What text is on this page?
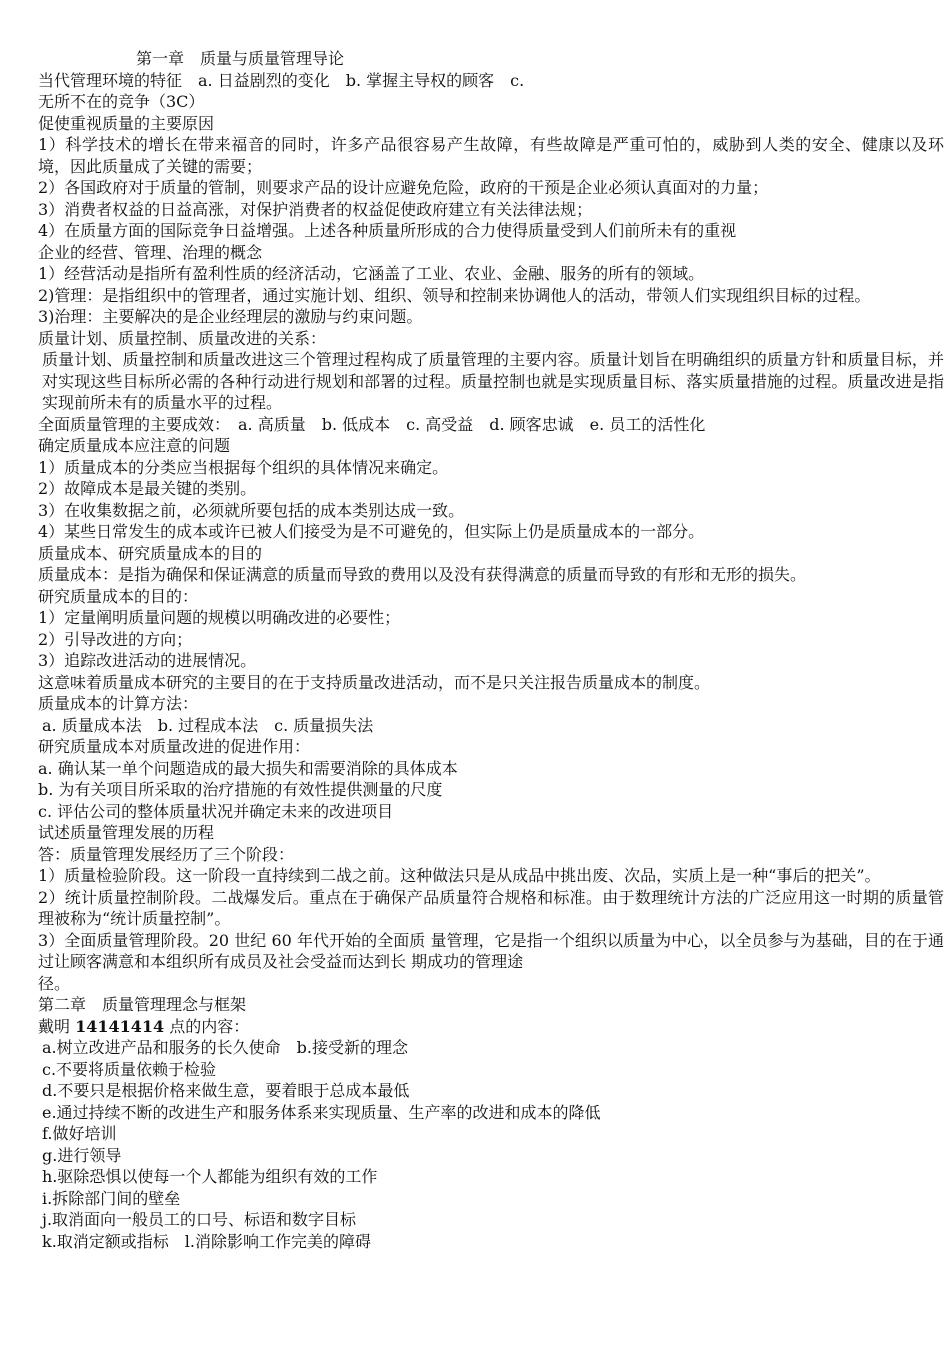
第一章　质量与质量管理导论
当代管理环境的特征　a. 日益剧烈的变化　b. 掌握主导权的顾客　c.
无所不在的竞争（3C）
促使重视质量的主要原因
1）科学技术的增长在带来福音的同时，许多产品很容易产生故障，有些故障是严重可怕的，威胁到人类的安全、健康以及环境，因此质量成了关键的需要；
2）各国政府对于质量的管制，则要求产品的设计应避免危险，政府的干预是企业必须认真面对的力量；
3）消费者权益的日益高涨，对保护消费者的权益促使政府建立有关法律法规；
4）在质量方面的国际竞争日益增强。上述各种质量所形成的合力使得质量受到人们前所未有的重视
企业的经营、管理、治理的概念
1）经营活动是指所有盈利性质的经济活动，它涵盖了工业、农业、金融、服务的所有的领域。
2)管理：是指组织中的管理者，通过实施计划、组织、领导和控制来协调他人的活动，带领人们实现组织目标的过程。
3)治理：主要解决的是企业经理层的激励与约束问题。
质量计划、质量控制、质量改进的关系：
质量计划、质量控制和质量改进这三个管理过程构成了质量管理的主要内容。质量计划旨在明确组织的质量方针和质量目标，并对实现这些目标所必需的各种行动进行规划和部署的过程。质量控制也就是实现质量目标、落实质量措施的过程。质量改进是指实现前所未有的质量水平的过程。
全面质量管理的主要成效：　a. 高质量　b. 低成本　c. 高受益　d. 顾客忠诚　e. 员工的活性化
确定质量成本应注意的问题
1）质量成本的分类应当根据每个组织的具体情况来确定。
2）故障成本是最关键的类别。
3）在收集数据之前，必须就所要包括的成本类别达成一致。
4）某些日常发生的成本或许已被人们接受为是不可避免的，但实际上仍是质量成本的一部分。
质量成本、研究质量成本的目的
质量成本：是指为确保和保证满意的质量而导致的费用以及没有获得满意的质量而导致的有形和无形的损失。
研究质量成本的目的：
1）定量阐明质量问题的规模以明确改进的必要性；
2）引导改进的方向；
3）追踪改进活动的进展情况。
这意味着质量成本研究的主要目的在于支持质量改进活动，而不是只关注报告质量成本的制度。
质量成本的计算方法：
a. 质量成本法　b. 过程成本法　c. 质量损失法
研究质量成本对质量改进的促进作用：
a. 确认某一单个问题造成的最大损失和需要消除的具体成本
b. 为有关项目所采取的治疗措施的有效性提供测量的尺度
c. 评估公司的整体质量状况并确定未来的改进项目
试述质量管理发展的历程
答：质量管理发展经历了三个阶段：
1）质量检验阶段。这一阶段一直持续到二战之前。这种做法只是从成品中挑出废、次品，实质上是一种“事后的把关”。
2）统计质量控制阶段。二战爆发后。重点在于确保产品质量符合规格和标准。由于数理统计方法的广泛应用这一时期的质量管理被称为“统计质量控制”。
3）全面质量管理阶段。20 世纪 60 年代开始的全面质 量管理，它是指一个组织以质量为中心，以全员参与为基础，目的在于通过让顾客满意和本组织所有成员及社会受益而达到长 期成功的管理途
径。
第二章　质量管理理念与框架
戴明 14141414 点的内容：
a.树立改进产品和服务的长久使命　b.接受新的理念
c.不要将质量依赖于检验
d.不要只是根据价格来做生意，要着眼于总成本最低
e.通过持续不断的改进生产和服务体系来实现质量、生产率的改进和成本的降低
f.做好培训
g.进行领导
h.驱除恐惧以使每一个人都能为组织有效的工作
i.拆除部门间的壁垒
j.取消面向一般员工的口号、标语和数字目标
k.取消定额或指标　l.消除影响工作完美的障碍
